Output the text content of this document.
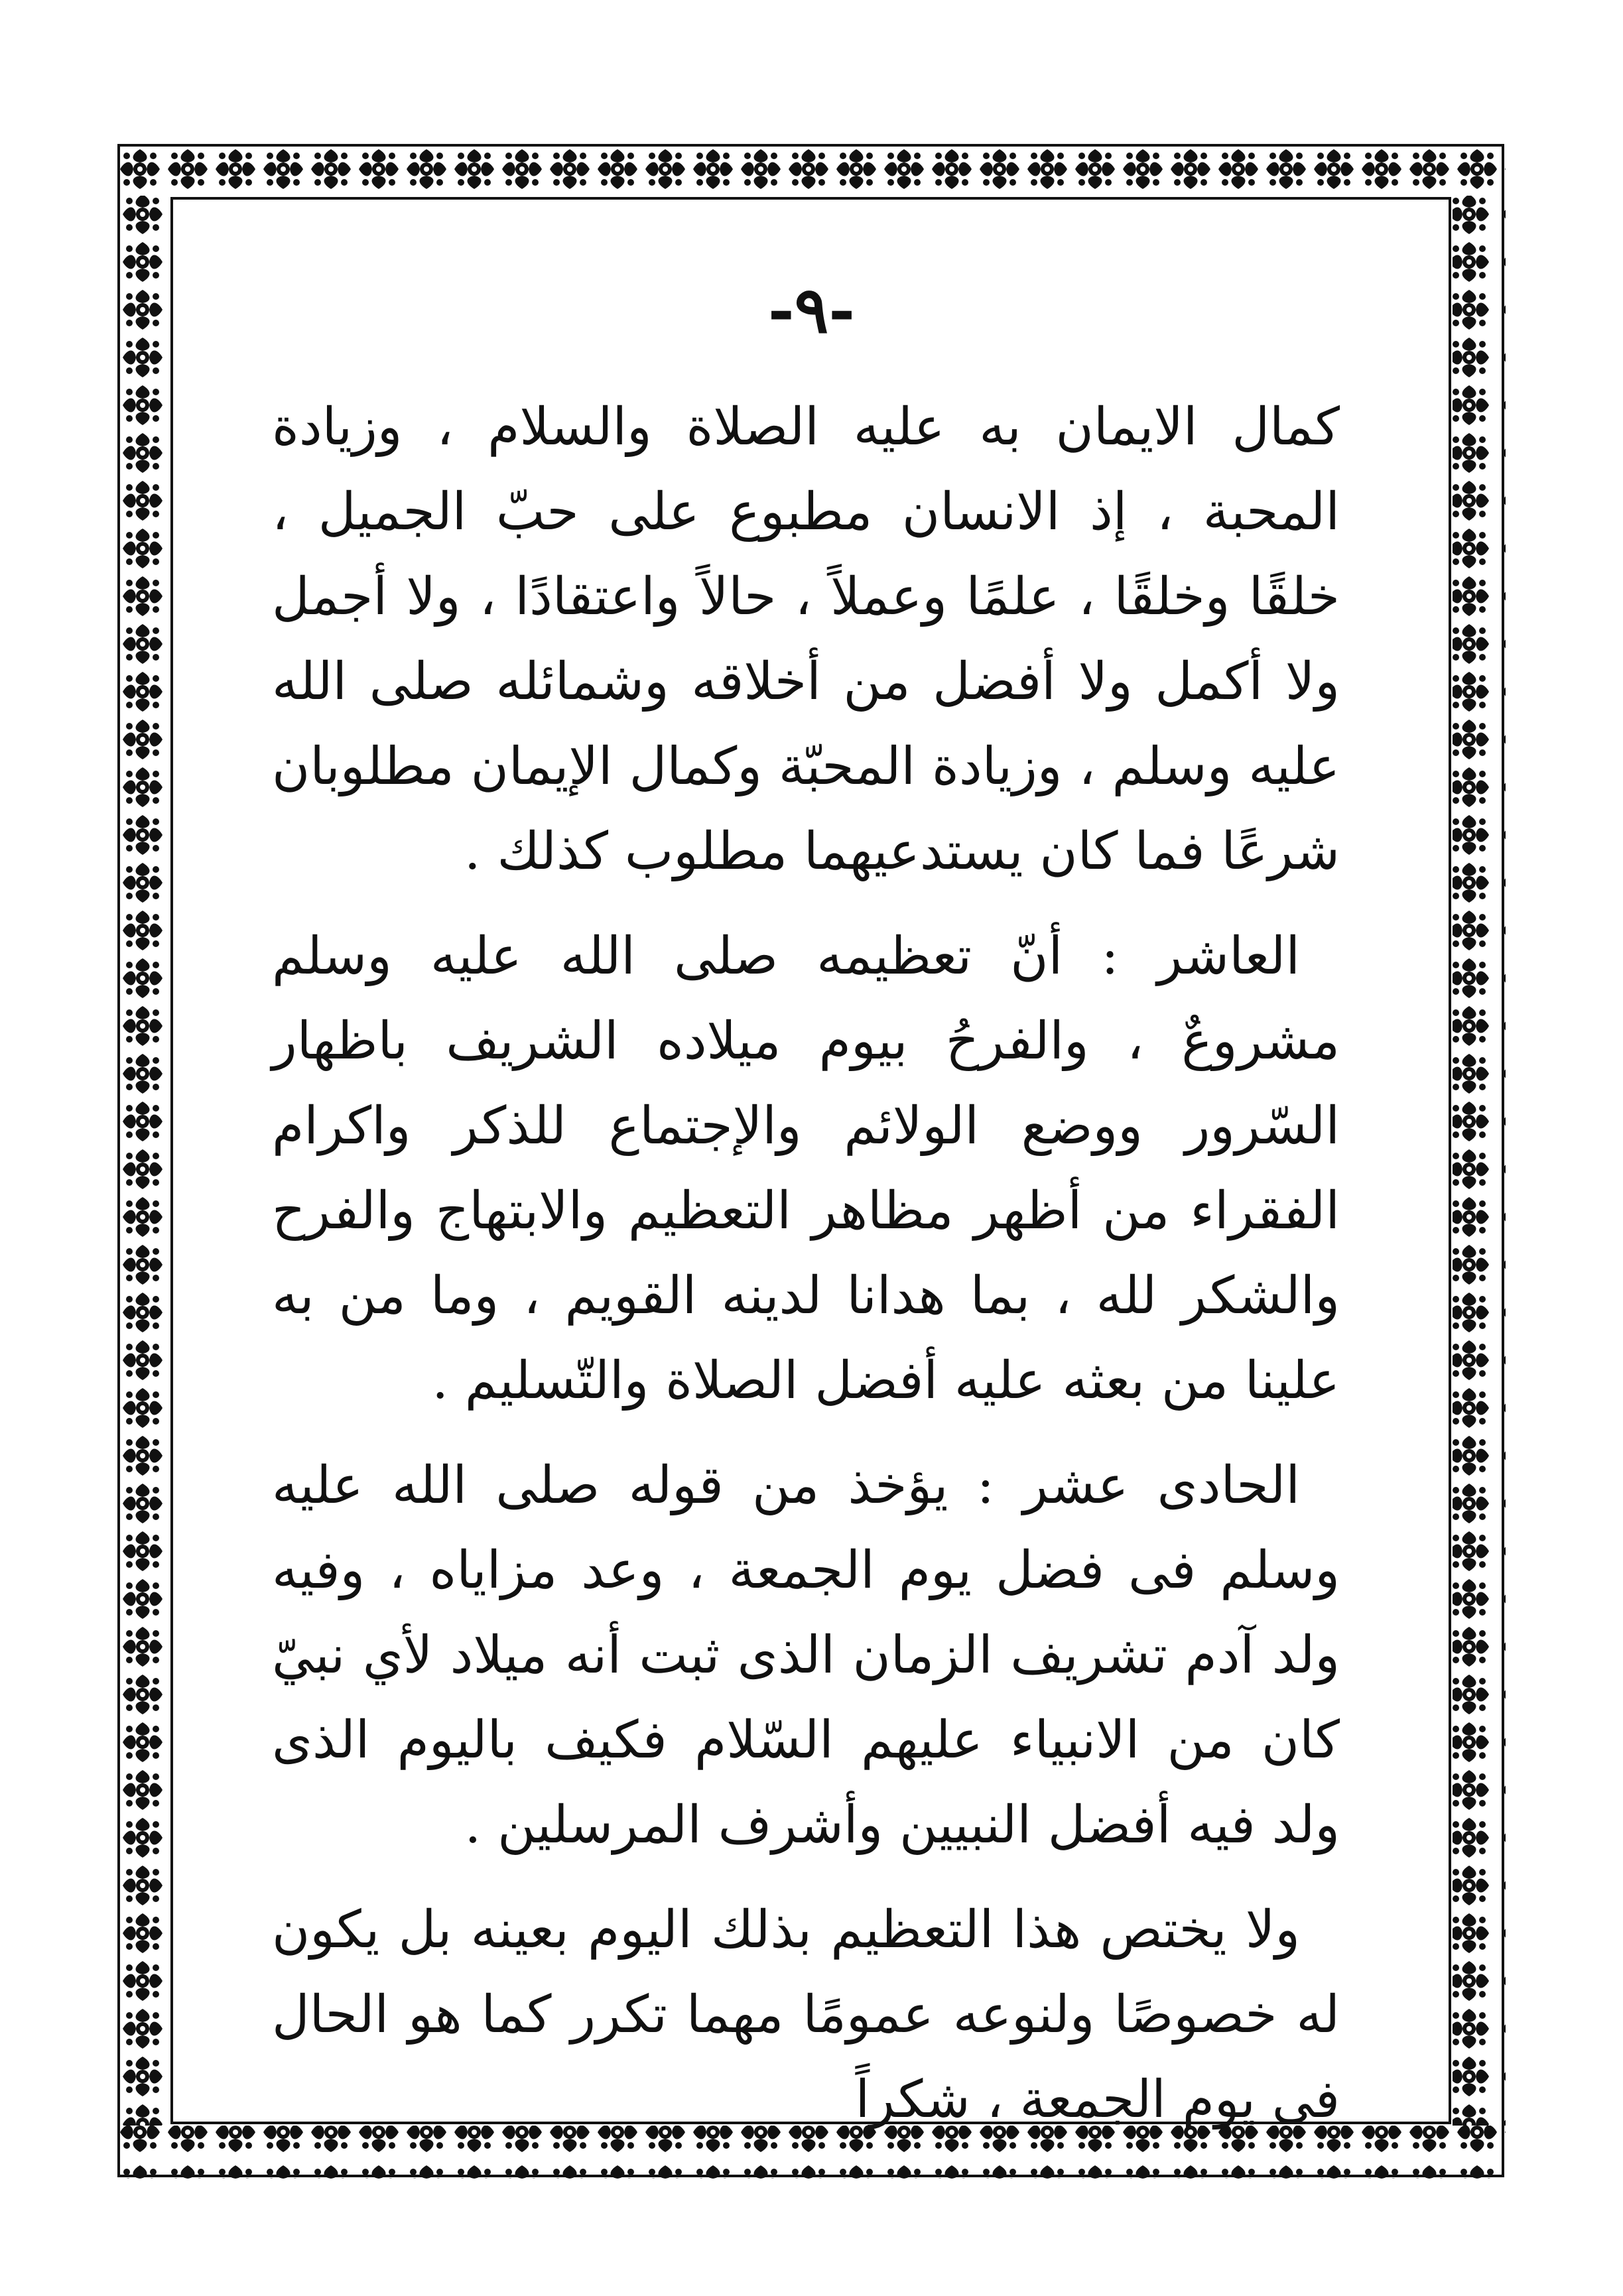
-٩-

كمال الايمان به عليه الصلاة والسلام ، وزيادة المحبة ، إذ الانسان مطبوع على حبّ الجميل ، خلقًا وخلقًا ، علمًا وعملاً ، حالاً واعتقادًا ، ولا أجمل ولا أكمل ولا أفضل من أخلاقه وشمائله صلى الله عليه وسلم ، وزيادة المحبّة وكمال الإيمان مطلوبان شرعًا فما كان يستدعيهما مطلوب كذلك .

العاشر : أنّ تعظيمه صلى الله عليه وسلم مشروعٌ ، والفرحُ بيوم ميلاده الشريف باظهار السّرور ووضع الولائم والإجتماع للذكر واكرام الفقراء من أظهر مظاهر التعظيم والابتهاج والفرح والشكر لله ، بما هدانا لدينه القويم ، وما من به علينا من بعثه عليه أفضل الصلاة والتّسليم .

الحادى عشر : يؤخذ من قوله صلى الله عليه وسلم فى فضل يوم الجمعة ، وعد مزاياه ، وفيه ولد آدم تشريف الزمان الذى ثبت أنه ميلاد لأي نبيّ كان من الانبياء عليهم السّلام فكيف باليوم الذى ولد فيه أفضل النبيين وأشرف المرسلين .

ولا يختص هذا التعظيم بذلك اليوم بعينه بل يكون له خصوصًا ولنوعه عمومًا مهما تكرر كما هو الحال فى يوم الجمعة ، شكراً
